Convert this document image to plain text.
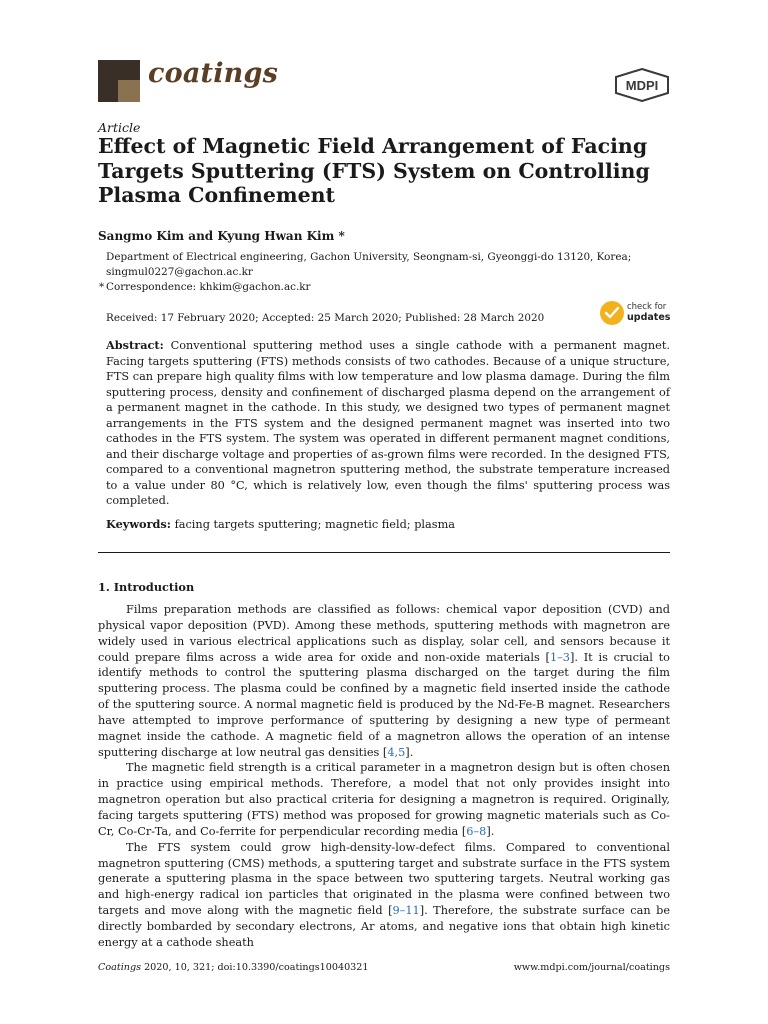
coatings	MDPI
Article
Effect of Magnetic Field Arrangement of Facing Targets Sputtering (FTS) System on Controlling Plasma Confinement
Sangmo Kim and Kyung Hwan Kim *
Department of Electrical engineering, Gachon University, Seongnam-si, Gyeonggi-do 13120, Korea;
singmul0227@gachon.ac.kr
* Correspondence: khkim@gachon.ac.kr
Received: 17 February 2020; Accepted: 25 March 2020; Published: 28 March 2020
check for
updates

Abstract: Conventional sputtering method uses a single cathode with a permanent magnet. Facing targets sputtering (FTS) methods consists of two cathodes. Because of a unique structure, FTS can prepare high quality films with low temperature and low plasma damage. During the film sputtering process, density and confinement of discharged plasma depend on the arrangement of a permanent magnet in the cathode. In this study, we designed two types of permanent magnet arrangements in the FTS system and the designed permanent magnet was inserted into two cathodes in the FTS system. The system was operated in different permanent magnet conditions, and their discharge voltage and properties of as-grown films were recorded. In the designed FTS, compared to a conventional magnetron sputtering method, the substrate temperature increased to a value under 80 °C, which is relatively low, even though the films' sputtering process was completed.

Keywords: facing targets sputtering; magnetic field; plasma
1. Introduction

Films preparation methods are classified as follows: chemical vapor deposition (CVD) and physical vapor deposition (PVD). Among these methods, sputtering methods with magnetron are widely used in various electrical applications such as display, solar cell, and sensors because it could prepare films across a wide area for oxide and non-oxide materials [1–3]. It is crucial to identify methods to control the sputtering plasma discharged on the target during the film sputtering process. The plasma could be confined by a magnetic field inserted inside the cathode of the sputtering source. A normal magnetic field is produced by the Nd-Fe-B magnet. Researchers have attempted to improve performance of sputtering by designing a new type of permeant magnet inside the cathode. A magnetic field of a magnetron allows the operation of an intense sputtering discharge at low neutral gas densities [4,5].

The magnetic field strength is a critical parameter in a magnetron design but is often chosen in practice using empirical methods. Therefore, a model that not only provides insight into magnetron operation but also practical criteria for designing a magnetron is required. Originally, facing targets sputtering (FTS) method was proposed for growing magnetic materials such as Co-Cr, Co-Cr-Ta, and Co-ferrite for perpendicular recording media [6–8].

The FTS system could grow high-density-low-defect films. Compared to conventional magnetron sputtering (CMS) methods, a sputtering target and substrate surface in the FTS system generate a sputtering plasma in the space between two sputtering targets. Neutral working gas and high-energy radical ion particles that originated in the plasma were confined between two targets and move along with the magnetic field [9–11]. Therefore, the substrate surface can be directly bombarded by secondary electrons, Ar atoms, and negative ions that obtain high kinetic energy at a cathode sheath

Coatings 2020, 10, 321; doi:10.3390/coatings10040321	www.mdpi.com/journal/coatings
